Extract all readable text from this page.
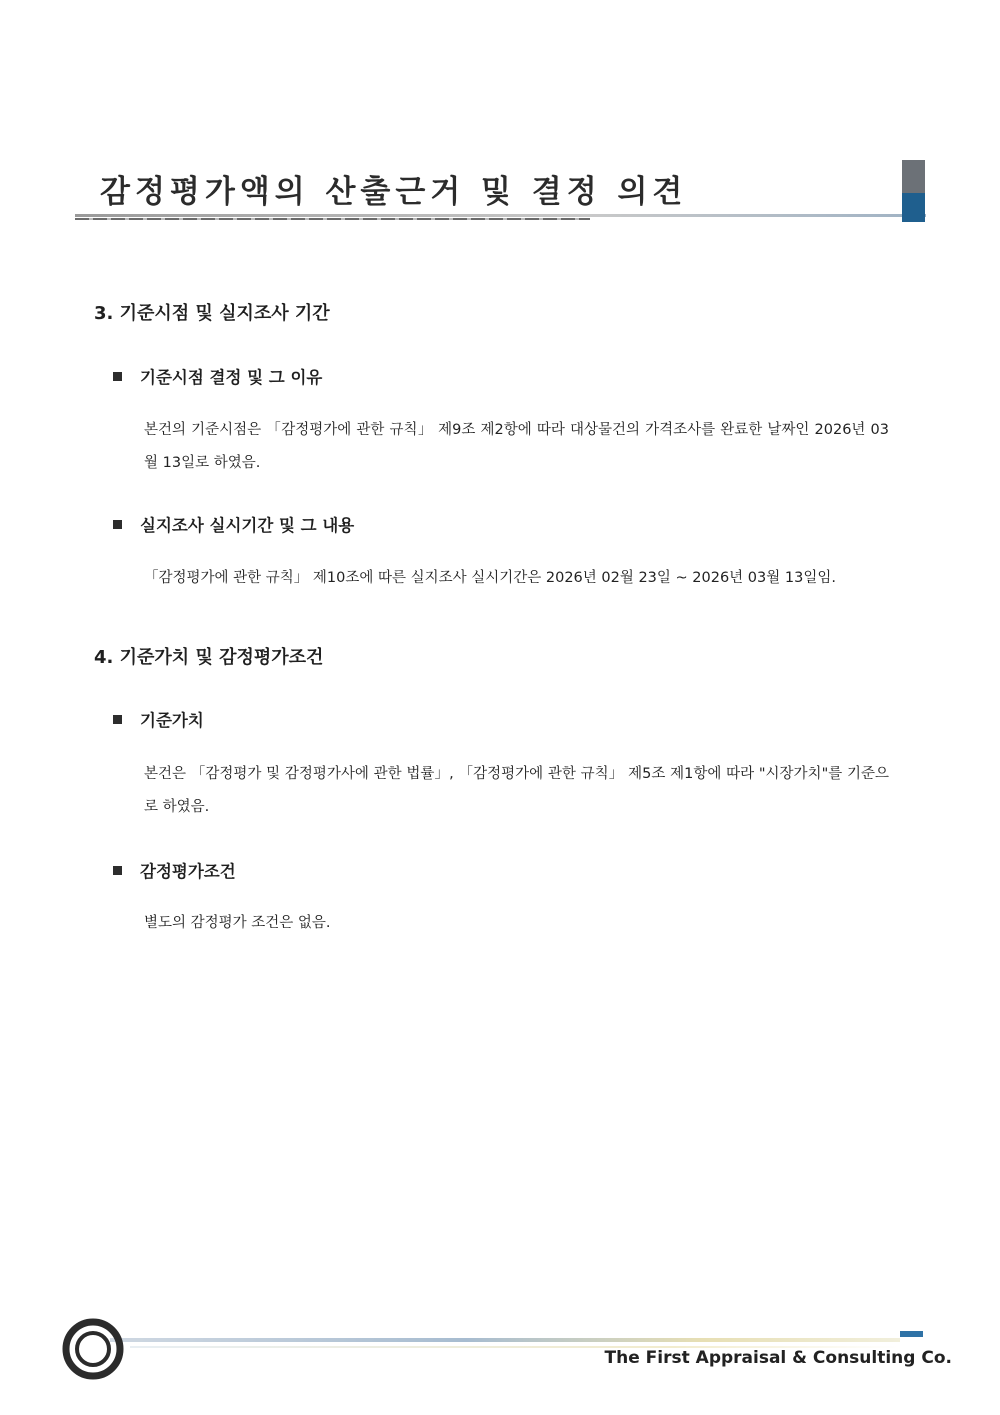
감정평가액의 산출근거 및 결정 의견
3. 기준시점 및 실지조사 기간
기준시점 결정 및 그 이유
본건의 기준시점은 「감정평가에 관한 규칙」 제9조 제2항에 따라 대상물건의 가격조사를 완료한 날짜인 2026년 03월 13일로 하였음.
실지조사 실시기간 및 그 내용
「감정평가에 관한 규칙」 제10조에 따른 실지조사 실시기간은 2026년 02월 23일 ~ 2026년 03월 13일임.
4. 기준가치 및 감정평가조건
기준가치
본건은 「감정평가 및 감정평가사에 관한 법률」, 「감정평가에 관한 규칙」 제5조 제1항에 따라 "시장가치"를 기준으로 하였음.
감정평가조건
별도의 감정평가 조건은 없음.
The First Appraisal & Consulting Co.
